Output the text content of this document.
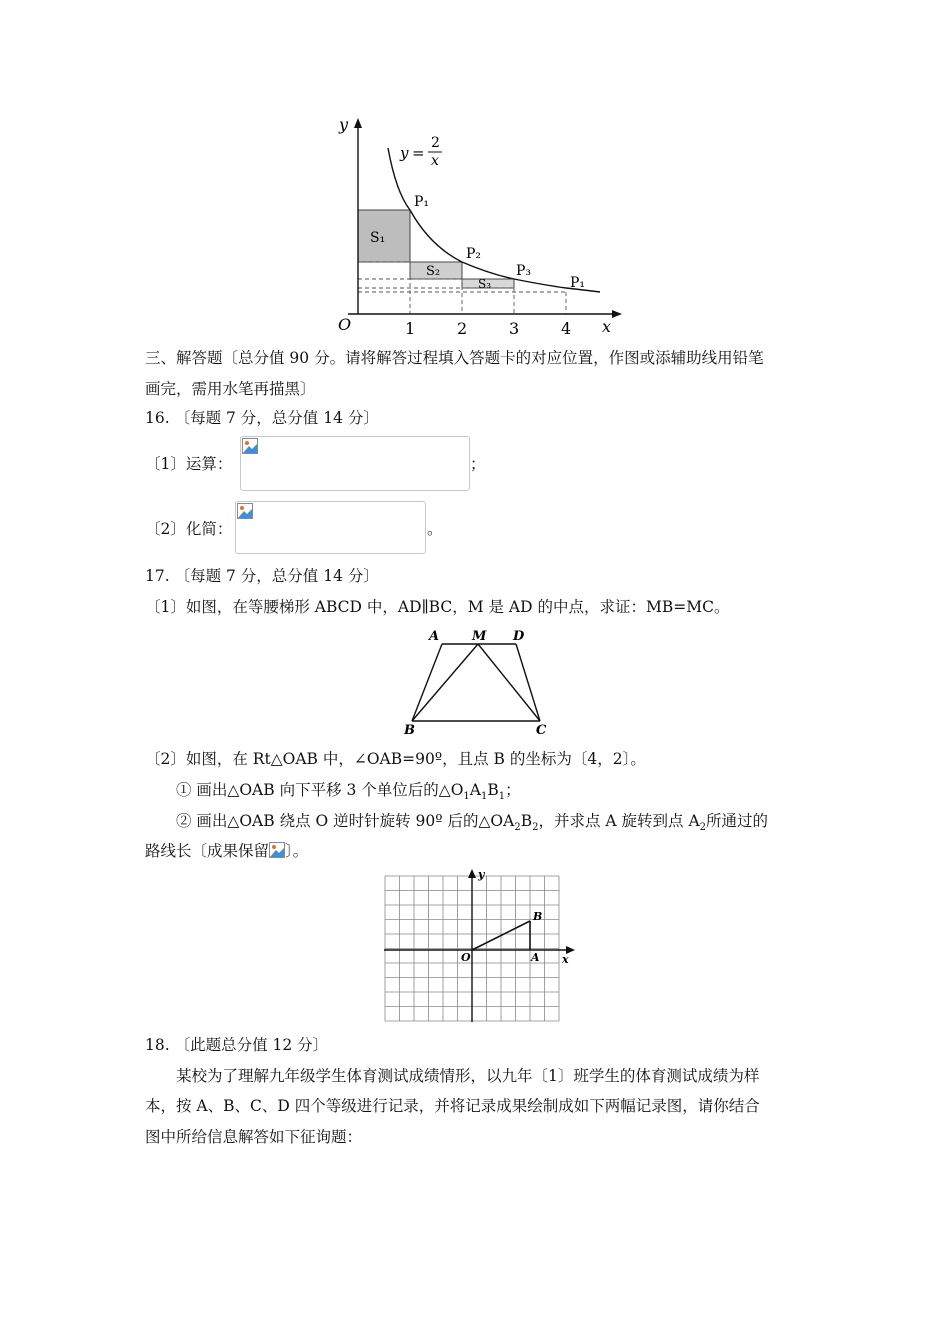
y
O	x
1	2	3	4
y =
2
x
P₁
P₂
P₃
P₁
S₁
S₂
S₃
三、解答题〔总分值 90 分。请将解答过程填入答题卡的对应位置，作图或添辅助线用铅笔
画完，需用水笔再描黑〕
16. 〔每题 7 分，总分值 14 分〕
〔1〕运算：	；
〔2〕化简：	。
17. 〔每题 7 分，总分值 14 分〕
〔1〕如图，在等腰梯形 ABCD 中，AD∥BC，M 是 AD 的中点，求证：MB=MC。
A	M D
B	C
〔2〕如图，在 Rt△OAB 中，∠OAB=90º，且点 B 的坐标为〔4，2〕。
① 画出△OAB 向下平移 3 个单位后的$\triangle O_1A_1B_1$；
② 画出△OAB 绕点 O 逆时针旋转 90º 后的$\triangle OA_2B_2$，并求点 A 旋转到点 $A_2$所通过的
路线长〔成果保留 〕。
y
x
O	A
B
18. 〔此题总分值 12 分〕
某校为了理解九年级学生体育测试成绩情形，以九年〔1〕班学生的体育测试成绩为样
本，按 A、B、C、D 四个等级进行记录，并将记录成果绘制成如下两幅记录图，请你结合
图中所给信息解答如下征询题：
